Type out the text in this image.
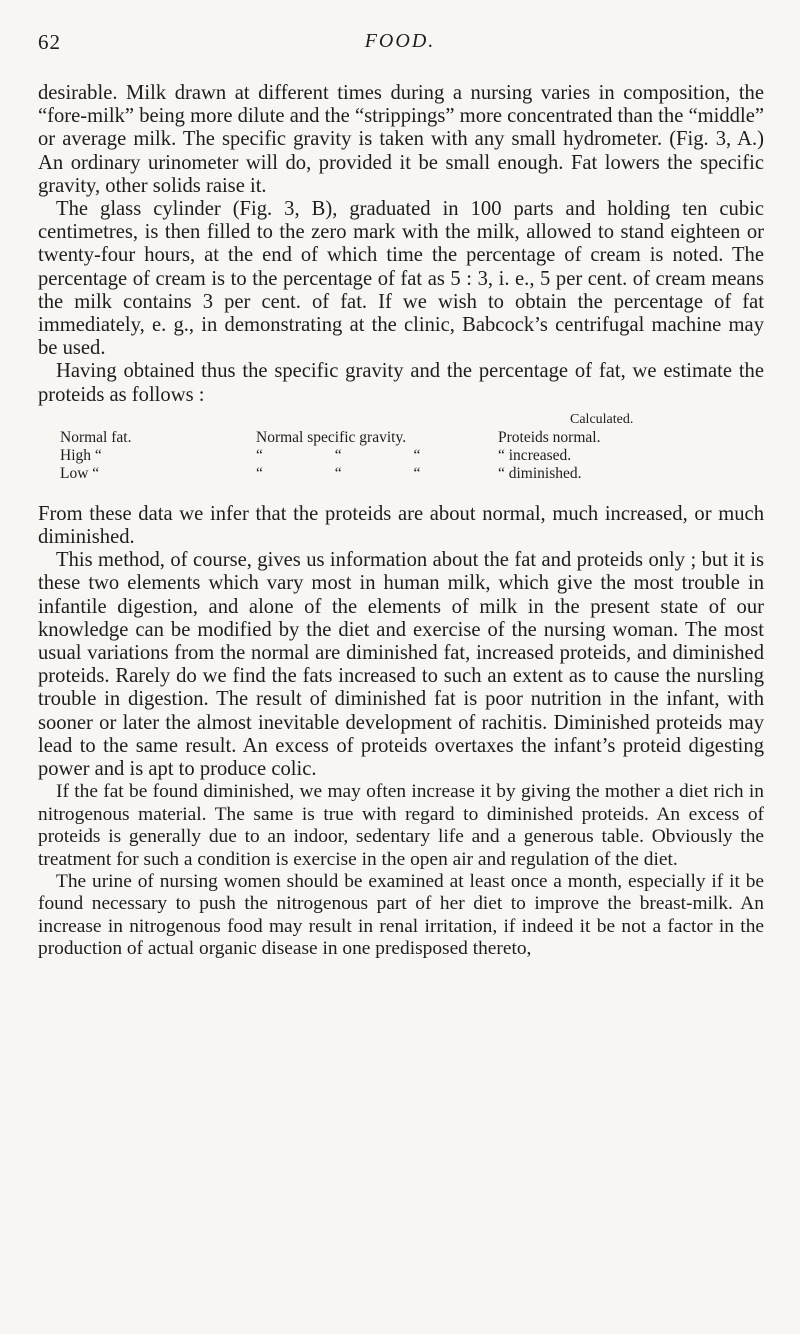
62	FOOD.

desirable. Milk drawn at different times during a nursing varies in composition, the “fore-milk” being more dilute and the “strippings” more concentrated than the “middle” or average milk. The specific gravity is taken with any small hydrometer. (Fig. 3, A.) An ordinary urinometer will do, provided it be small enough. Fat lowers the specific gravity, other solids raise it.

The glass cylinder (Fig. 3, B), graduated in 100 parts and holding ten cubic centimetres, is then filled to the zero mark with the milk, allowed to stand eighteen or twenty-four hours, at the end of which time the percentage of cream is noted. The percentage of cream is to the percentage of fat as 5 : 3, i. e., 5 per cent. of cream means the milk contains 3 per cent. of fat. If we wish to obtain the percentage of fat immediately, e. g., in demonstrating at the clinic, Babcock’s centrifugal machine may be used.

Having obtained thus the specific gravity and the percentage of fat, we estimate the proteids as follows :

Calculated.
Normal fat.	Normal specific gravity.	Proteids normal.
High “	“ “ “	“ increased.
Low “	“ “ “	“ diminished.

From these data we infer that the proteids are about normal, much increased, or much diminished.

This method, of course, gives us information about the fat and proteids only ; but it is these two elements which vary most in human milk, which give the most trouble in infantile digestion, and alone of the elements of milk in the present state of our knowledge can be modified by the diet and exercise of the nursing woman. The most usual variations from the normal are diminished fat, increased proteids, and diminished proteids. Rarely do we find the fats increased to such an extent as to cause the nursling trouble in digestion. The result of diminished fat is poor nutrition in the infant, with sooner or later the almost inevitable development of rachitis. Diminished proteids may lead to the same result. An excess of proteids overtaxes the infant’s proteid digesting power and is apt to produce colic.

If the fat be found diminished, we may often increase it by giving the mother a diet rich in nitrogenous material. The same is true with regard to diminished proteids. An excess of proteids is generally due to an indoor, sedentary life and a generous table. Obviously the treatment for such a condition is exercise in the open air and regulation of the diet.

The urine of nursing women should be examined at least once a month, especially if it be found necessary to push the nitrogenous part of her diet to improve the breast-milk. An increase in nitrogenous food may result in renal irritation, if indeed it be not a factor in the production of actual organic disease in one predisposed thereto,
